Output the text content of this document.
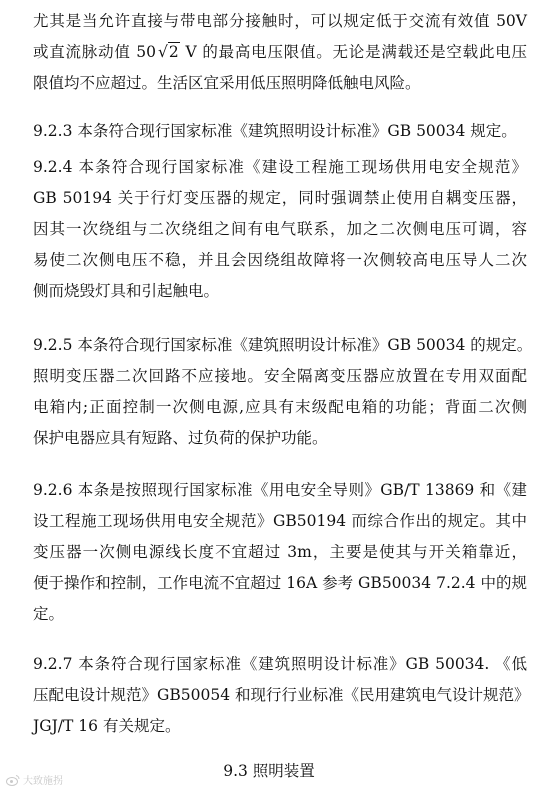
尤其是当允许直接与带电部分接触时，可以规定低于交流有效值 50V
或直流脉动值 50 √2 V 的最高电压限值。无论是满载还是空载此电压
限值均不应超过。生活区宜采用低压照明降低触电风险。
9.2.3 本条符合现行国家标准《建筑照明设计标准》GB 50034 规定。
9.2.4 本条符合现行国家标准《建设工程施工现场供用电安全规范》
GB 50194 关于行灯变压器的规定，同时强调禁止使用自耦变压器，
因其一次绕组与二次绕组之间有电气联系，加之二次侧电压可调，容
易使二次侧电压不稳，并且会因绕组故障将一次侧较高电压导人二次
侧而烧毁灯具和引起触电。
9.2.5 本条符合现行国家标准《建筑照明设计标准》GB 50034 的规定。
照明变压器二次回路不应接地。安全隔离变压器应放置在专用双面配
电箱内;正面控制一次侧电源,应具有末级配电箱的功能；背面二次侧
保护电器应具有短路、过负荷的保护功能。
9.2.6 本条是按照现行国家标准《用电安全导则》GB/T 13869 和《建
设工程施工现场供用电安全规范》GB50194 而综合作出的规定。其中
变压器一次侧电源线长度不宜超过 3m，主要是使其与开关箱靠近，
便于操作和控制，工作电流不宜超过 16A 参考 GB50034 7.2.4 中的规
定。
9.2.7 本条符合现行国家标准《建筑照明设计标准》GB 50034. 《低
压配电设计规范》GB50054 和现行行业标准《民用建筑电气设计规范》
JGJ/T 16 有关规定。
9.3 照明装置
大致施拐
